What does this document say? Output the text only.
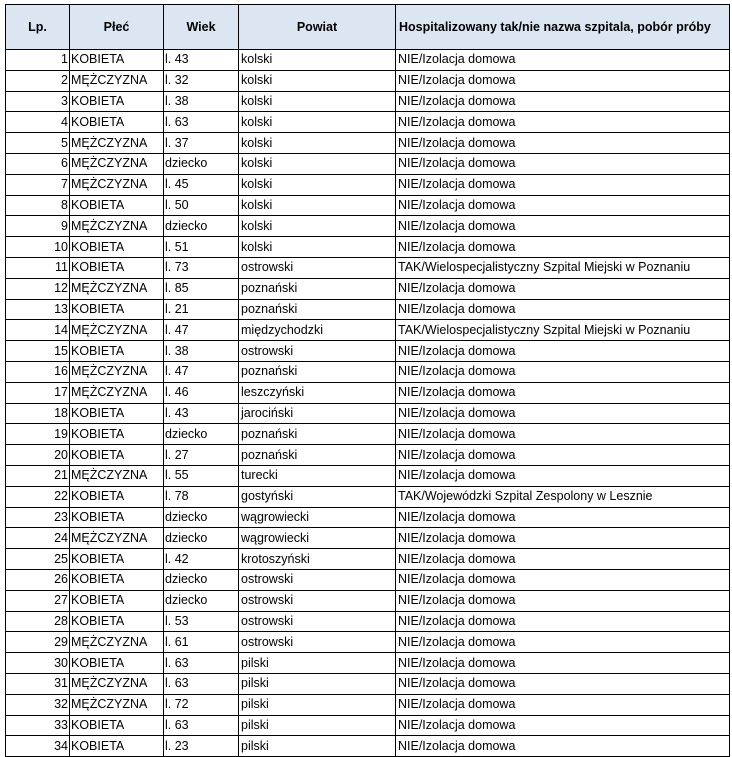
Lp.	Płeć	Wiek	Powiat	Hospitalizowany tak/nie nazwa szpitala, pobór próby
1	KOBIETA	l. 43	kolski	NIE/Izolacja domowa
2	MĘŻCZYZNA	l. 32	kolski	NIE/Izolacja domowa
3	KOBIETA	l. 38	kolski	NIE/Izolacja domowa
4	KOBIETA	l. 63	kolski	NIE/Izolacja domowa
5	MĘŻCZYZNA	l. 37	kolski	NIE/Izolacja domowa
6	MĘŻCZYZNA	dziecko	kolski	NIE/Izolacja domowa
7	MĘŻCZYZNA	l. 45	kolski	NIE/Izolacja domowa
8	KOBIETA	l. 50	kolski	NIE/Izolacja domowa
9	MĘŻCZYZNA	dziecko	kolski	NIE/Izolacja domowa
10	KOBIETA	l. 51	kolski	NIE/Izolacja domowa
11	KOBIETA	l. 73	ostrowski	TAK/Wielospecjalistyczny Szpital Miejski w Poznaniu
12	MĘŻCZYZNA	l. 85	poznański	NIE/Izolacja domowa
13	KOBIETA	l. 21	poznański	NIE/Izolacja domowa
14	MĘŻCZYZNA	l. 47	międzychodzki	TAK/Wielospecjalistyczny Szpital Miejski w Poznaniu
15	KOBIETA	l. 38	ostrowski	NIE/Izolacja domowa
16	MĘŻCZYZNA	l. 47	poznański	NIE/Izolacja domowa
17	MĘŻCZYZNA	l. 46	leszczyński	NIE/Izolacja domowa
18	KOBIETA	l. 43	jarociński	NIE/Izolacja domowa
19	KOBIETA	dziecko	poznański	NIE/Izolacja domowa
20	KOBIETA	l. 27	poznański	NIE/Izolacja domowa
21	MĘŻCZYZNA	l. 55	turecki	NIE/Izolacja domowa
22	KOBIETA	l. 78	gostyński	TAK/Wojewódzki Szpital Zespolony w Lesznie
23	KOBIETA	dziecko	wągrowiecki	NIE/Izolacja domowa
24	MĘŻCZYZNA	dziecko	wągrowiecki	NIE/Izolacja domowa
25	KOBIETA	l. 42	krotoszyński	NIE/Izolacja domowa
26	KOBIETA	dziecko	ostrowski	NIE/Izolacja domowa
27	KOBIETA	dziecko	ostrowski	NIE/Izolacja domowa
28	KOBIETA	l. 53	ostrowski	NIE/Izolacja domowa
29	MĘŻCZYZNA	l. 61	ostrowski	NIE/Izolacja domowa
30	KOBIETA	l. 63	pilski	NIE/Izolacja domowa
31	MĘŻCZYZNA	l. 63	pilski	NIE/Izolacja domowa
32	MĘŻCZYZNA	l. 72	pilski	NIE/Izolacja domowa
33	KOBIETA	l. 63	pilski	NIE/Izolacja domowa
34	KOBIETA	l. 23	pilski	NIE/Izolacja domowa
